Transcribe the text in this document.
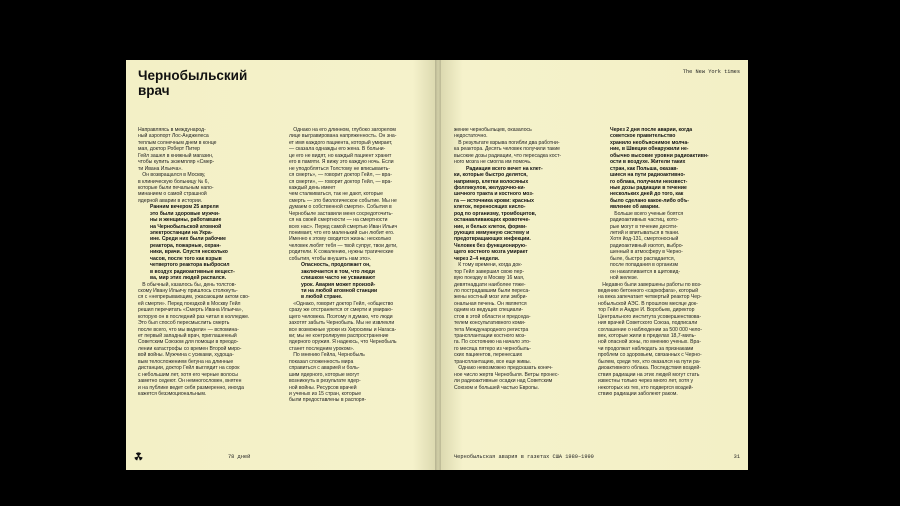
Чернобыльский
врач
Направляясь в международ-
ный аэропорт Лос-Анджелеса
теплым солнечным днем в конце
мая, доктор Роберт Питер
Гейл зашел в книжный магазин,
чтобы купить экземпляр «Смер-
ти Ивана Ильича».
Он возвращался в Москву,
в клиническую больницу № 6,
которые были печальным напо-
минанием о самой страшной
ядерной аварии в истории.
• Ранним вечером 25 апреля
это были здоровые мужчи-
ны и женщины, работавшие
на Чернобыльской атомной
электростанции на Укра-
ине. Среди них были рабочие
реактора, пожарные, охран-
ники, врачи. Спустя несколько
часов, после того как взрыв
четвертого реактора выбросил
в воздух радиоактивные вещест-
ва, мир этих людей распался.
В обычный, казалось бы, день толстов-
скому Ивану Ильичу пришлось столкнуть-
ся с «непрерывающим, ужасающим актом сво-
ей смерти». Перед поездкой в Москву Гейл
решил перечитать «Смерть Ивана Ильича»,
которую он в последний раз читал в колледже.
Это был способ пересмыслить смерть
после всего, что мы видели» — вспомина-
ет первый западный врач, приглашенный
Советским Союзом для помощи в преодо-
лении катастрофы со времен Второй миро-
вой войны. Мужчина с усиками, худоща-
вым телосложением бегуна на длинные
дистанции, доктор Гейл выглядит на сорок
с небольшим лет, хотя его черные волосы
заметно седеют. Он немногословен, внятен
и на публике ведет себя размеренно, иногда
кажется безэмоциональным.
Однако на его длинном, глубоко загорелом
лице выгравирована напряженность. Он зна-
ет имя каждого пациента, который умирает,
— сказала однажды его жена. В больни-
це его не видят, но каждый пациент хранит
его в памяти. Я вижу это каждую ночь. Если
не уподобляться Толстому не вписываеть-
ся смерть», — говорит доктор Гейл, — вра-
ся смерти», — говорит доктор Гейл, — вра-
каждый день имеет
чем сталкиваться, так не дают, которые
смерть — это биологическое событие. Мы не
думаем о собственной смерти». События в
Чернобыле заставили меня сосредоточить-
ся на своей смертности — на смертности
всех нас». Перед самой смертью Иван Ильич
понимает, что его маленький сын любит его.
Именно к этому сводится жизнь: несколько
человек любят тебя — твой супруг, твои дети,
родители. К сожалению, нужны трагические
события, чтобы внушить нам это».
• Опасность, продолжает он,
заключается в том, что люди
слишком часто не усваивают
урок. Авария может произой-
ти на любой атомной станции
в любой стране.
«Однако, говорит доктор Гейл, «общество
сразу же отстраняется от смерти и умираю-
щего человека. Поэтому я думаю, что люди
захотят забыть Чернобыль. Мы не извлекли
все возможные уроки из Хиросимы и Нагаса-
ки; мы не контролируем распространение
ядерного оружия. Я надеюсь, что Чернобыль
станет последним уроком».
По мнению Гейла, Чернобыль
показал сложенность мира
справиться с аварией и боль-
шим ядерного, которые могут
возникнуть в результате ядер-
ной войны. Ресурсов врачей
и ученых из 15 стран, которые
были предоставлены в распоря-
78 дней
The New York times
жение чернобыльцев, оказалось
недостаточно.
В результате взрыва погибли два работни-
ка реактора. Десять человек получили такие
высокие дозы радиации, что пересадка кост-
ного мозга не смогла им помочь.
• Радиация всего вечет на клет-
ки, которые быстро делятся,
например, клетки волосяных
фолликулов, желудочно-ки-
шечного тракта и костного моз-
га — источника крови: красных
клеток, переносящих кисло-
род по организму, тромбоцитов,
останавливающих кровотече-
ние, и белых клеток, форми-
рующих иммунную систему и
предотвращающих инфекции.
Человек без функционирую-
щего костного мозга умирает
через 2–4 недели.
К тому времени, когда док-
тор Гейл завершил свою пер-
вую поездку в Москву 16 мая,
девятнадцати наиболее тяже-
ло пострадавшим были переса-
жены костный мозг или эмбри-
ональная печень. Он является
одним из ведущих специали-
стов в этой области и председа-
телем консультативного коми-
тета Международного регистра
трансплантации костного моз-
га. По состоянию на начало это-
го месяца пятеро из чернобыль-
ских пациентов, перенесших
трансплантацию, все еще живы.
Однако невозможно предсказать конеч-
ное число жертв Чернобыля. Ветры пронес-
ли радиоактивные осадки над Советским
Союзом и большей частью Европы.
• Через 2 дня после аварии, когда
советское правительство
хранило необъяснимое молча-
ние, в Швеции обнаружили не-
обычно высокие уровни радиоактивн-
ости в воздухе. Жители таких
стран, как Польша, оказав-
шиеся на пути радиоактивно-
го облака, получили неизвест-
ные дозы радиации в течение
нескольких дней до того, как
было сделано какое-либо объ-
явление об аварии.
Больше всего ученые боятся
радиоактивных частиц, кото-
рые могут в течение десяти-
летий и впитываться в ткани.
Хотя йод-131, смертоносный
радиоактивный изотоп, выбро-
шенный в атмосферу в Черно-
быле, быстро распадается,
после попадания в организм
он накапливается в щитовид-
ной железе.
Недавно были завершены работы по воз-
ведению бетонного «саркофага», который
на века запечатает четвертый реактор Чер-
нобыльской АЭС. В прошлом месяце док-
тор Гейл и Андре И. Воробьев, директор
Центрального института усовершенствова-
ния врачей Советского Союза, подписали
соглашение о наблюдении за 500 000 чело-
век, которые жили в пределах 18,7-миль-
ной опасной зоны, по мнению ученых. Вра-
чи продолжат наблюдать за признаками
проблем со здоровьем, связанных с Черно-
былем, среди тех, кто оказался на пути ра-
диоактивного облака. Последствия воздей-
ствия радиации на этих людей могут стать
известны только через много лет, хотя у
некоторых из тех, кто подвергся воздей-
ствию радиации заболеют раком.
Чернобыльская авария в газетах США 1980–1990	31
